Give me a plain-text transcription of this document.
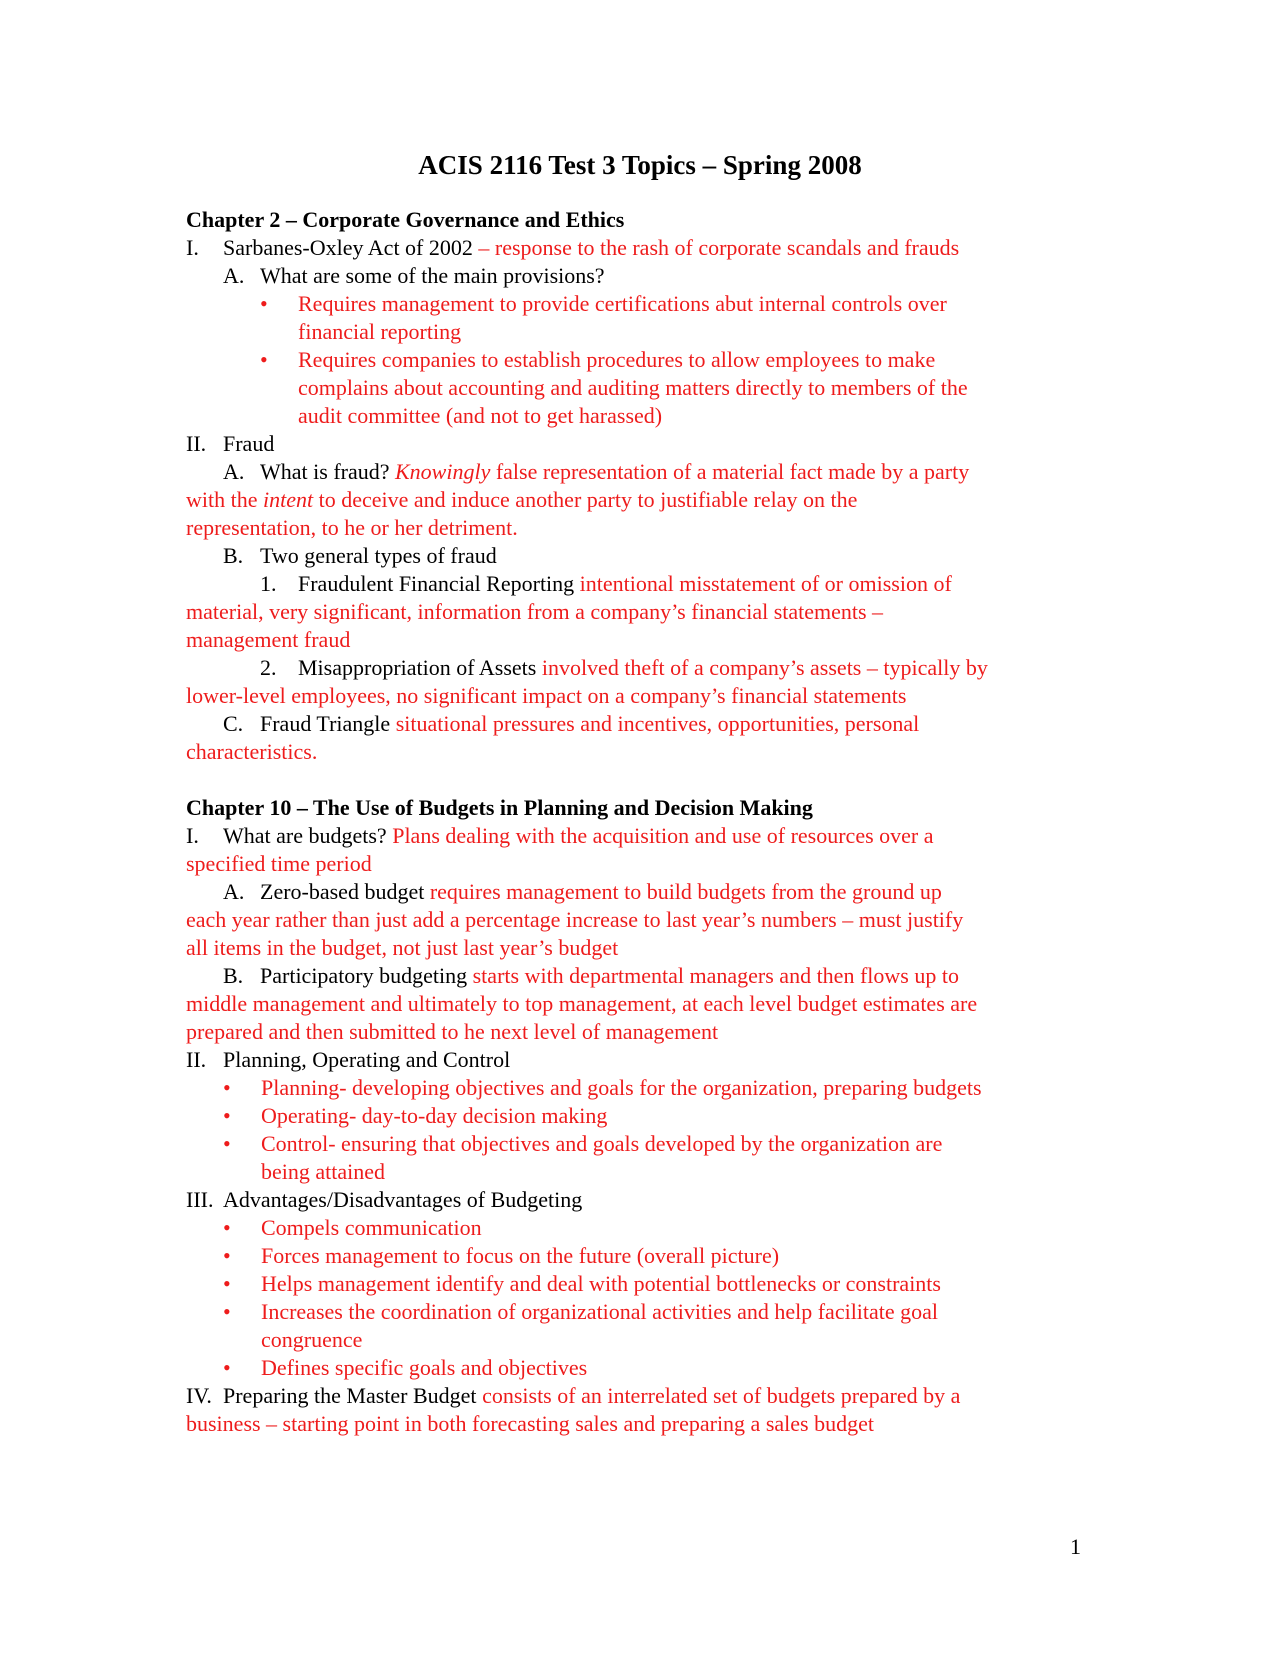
ACIS 2116 Test 3 Topics – Spring 2008
Chapter 2 – Corporate Governance and Ethics
I. Sarbanes-Oxley Act of 2002 – response to the rash of corporate scandals and frauds
A. What are some of the main provisions?
• Requires management to provide certifications abut internal controls over
financial reporting
• Requires companies to establish procedures to allow employees to make
complains about accounting and auditing matters directly to members of the
audit committee (and not to get harassed)
II. Fraud
A. What is fraud? Knowingly false representation of a material fact made by a party
with the intent to deceive and induce another party to justifiable relay on the
representation, to he or her detriment.
B. Two general types of fraud
1. Fraudulent Financial Reporting intentional misstatement of or omission of
material, very significant, information from a company’s financial statements –
management fraud
2. Misappropriation of Assets involved theft of a company’s assets – typically by
lower-level employees, no significant impact on a company’s financial statements
C. Fraud Triangle situational pressures and incentives, opportunities, personal
characteristics.
Chapter 10 – The Use of Budgets in Planning and Decision Making
I. What are budgets? Plans dealing with the acquisition and use of resources over a
specified time period
A. Zero-based budget requires management to build budgets from the ground up
each year rather than just add a percentage increase to last year’s numbers – must justify
all items in the budget, not just last year’s budget
B. Participatory budgeting starts with departmental managers and then flows up to
middle management and ultimately to top management, at each level budget estimates are
prepared and then submitted to he next level of management
II. Planning, Operating and Control
• Planning- developing objectives and goals for the organization, preparing budgets
• Operating- day-to-day decision making
• Control- ensuring that objectives and goals developed by the organization are
being attained
III. Advantages/Disadvantages of Budgeting
• Compels communication
• Forces management to focus on the future (overall picture)
• Helps management identify and deal with potential bottlenecks or constraints
• Increases the coordination of organizational activities and help facilitate goal
congruence
• Defines specific goals and objectives
IV. Preparing the Master Budget consists of an interrelated set of budgets prepared by a
business – starting point in both forecasting sales and preparing a sales budget
1
